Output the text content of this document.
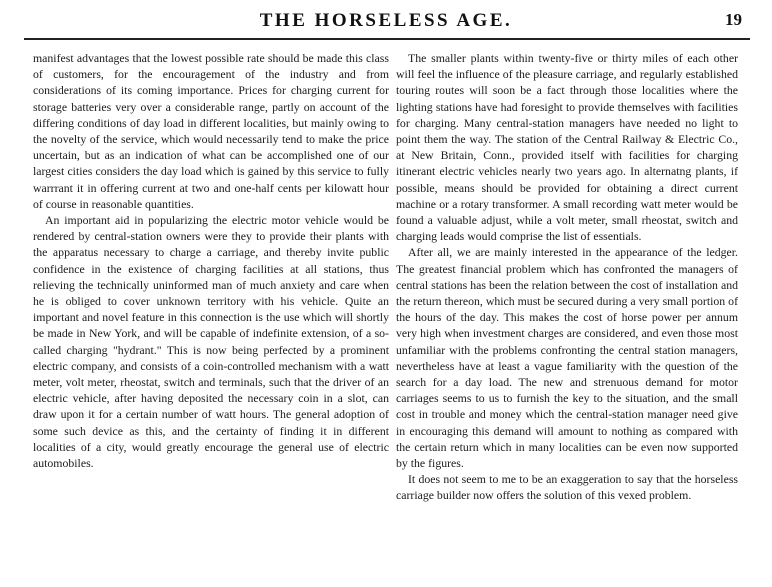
THE HORSELESS AGE.	19

manifest advantages that the lowest possible rate should be made this class of customers, for the encouragement of the industry and from considerations of its coming importance. Prices for charging current for storage batteries very over a considerable range, partly on account of the differing conditions of day load in different localities, but mainly owing to the novelty of the service, which would necessarily tend to make the price uncertain, but as an indication of what can be accomplished one of our largest cities considers the day load which is gained by this service to fully warrrant it in offering current at two and one-half cents per kilowatt hour of course in reasonable quantities.

An important aid in popularizing the electric motor vehicle would be rendered by central-station owners were they to provide their plants with the apparatus necessary to charge a carriage, and thereby invite public confidence in the existence of charging facilities at all stations, thus relieving the technically uninformed man of much anxiety and care when he is obliged to cover unknown territory with his vehicle. Quite an important and novel feature in this connection is the use which will shortly be made in New York, and will be capable of indefinite extension, of a so-called charging "hydrant." This is now being perfected by a prominent electric company, and consists of a coin-controlled mechanism with a watt meter, volt meter, rheostat, switch and terminals, such that the driver of an electric vehicle, after having deposited the necessary coin in a slot, can draw upon it for a certain number of watt hours. The general adoption of some such device as this, and the certainty of finding it in different localities of a city, would greatly encourage the general use of electric automobiles.

The smaller plants within twenty-five or thirty miles of each other will feel the influence of the pleasure carriage, and regularly established touring routes will soon be a fact through those localities where the lighting stations have had foresight to provide themselves with facilities for charging. Many central-station managers have needed no light to point them the way. The station of the Central Railway & Electric Co., at New Britain, Conn., provided itself with facilities for charging itinerant electric vehicles nearly two years ago. In alternatng plants, if possible, means should be provided for obtaining a direct current machine or a rotary transformer. A small recording watt meter would be found a valuable adjust, while a volt meter, small rheostat, switch and charging leads would comprise the list of essentials.

After all, we are mainly interested in the appearance of the ledger. The greatest financial problem which has confronted the managers of central stations has been the relation between the cost of installation and the return thereon, which must be secured during a very small portion of the hours of the day. This makes the cost of horse power per annum very high when investment charges are considered, and even those most unfamiliar with the problems confronting the central station managers, nevertheless have at least a vague familiarity with the question of the search for a day load. The new and strenuous demand for motor carriages seems to us to furnish the key to the situation, and the small cost in trouble and money which the central-station manager need give in encouraging this demand will amount to nothing as compared with the certain return which in many localities can be even now supported by the figures.

It does not seem to me to be an exaggeration to say that the horseless carriage builder now offers the solution of this vexed problem.
